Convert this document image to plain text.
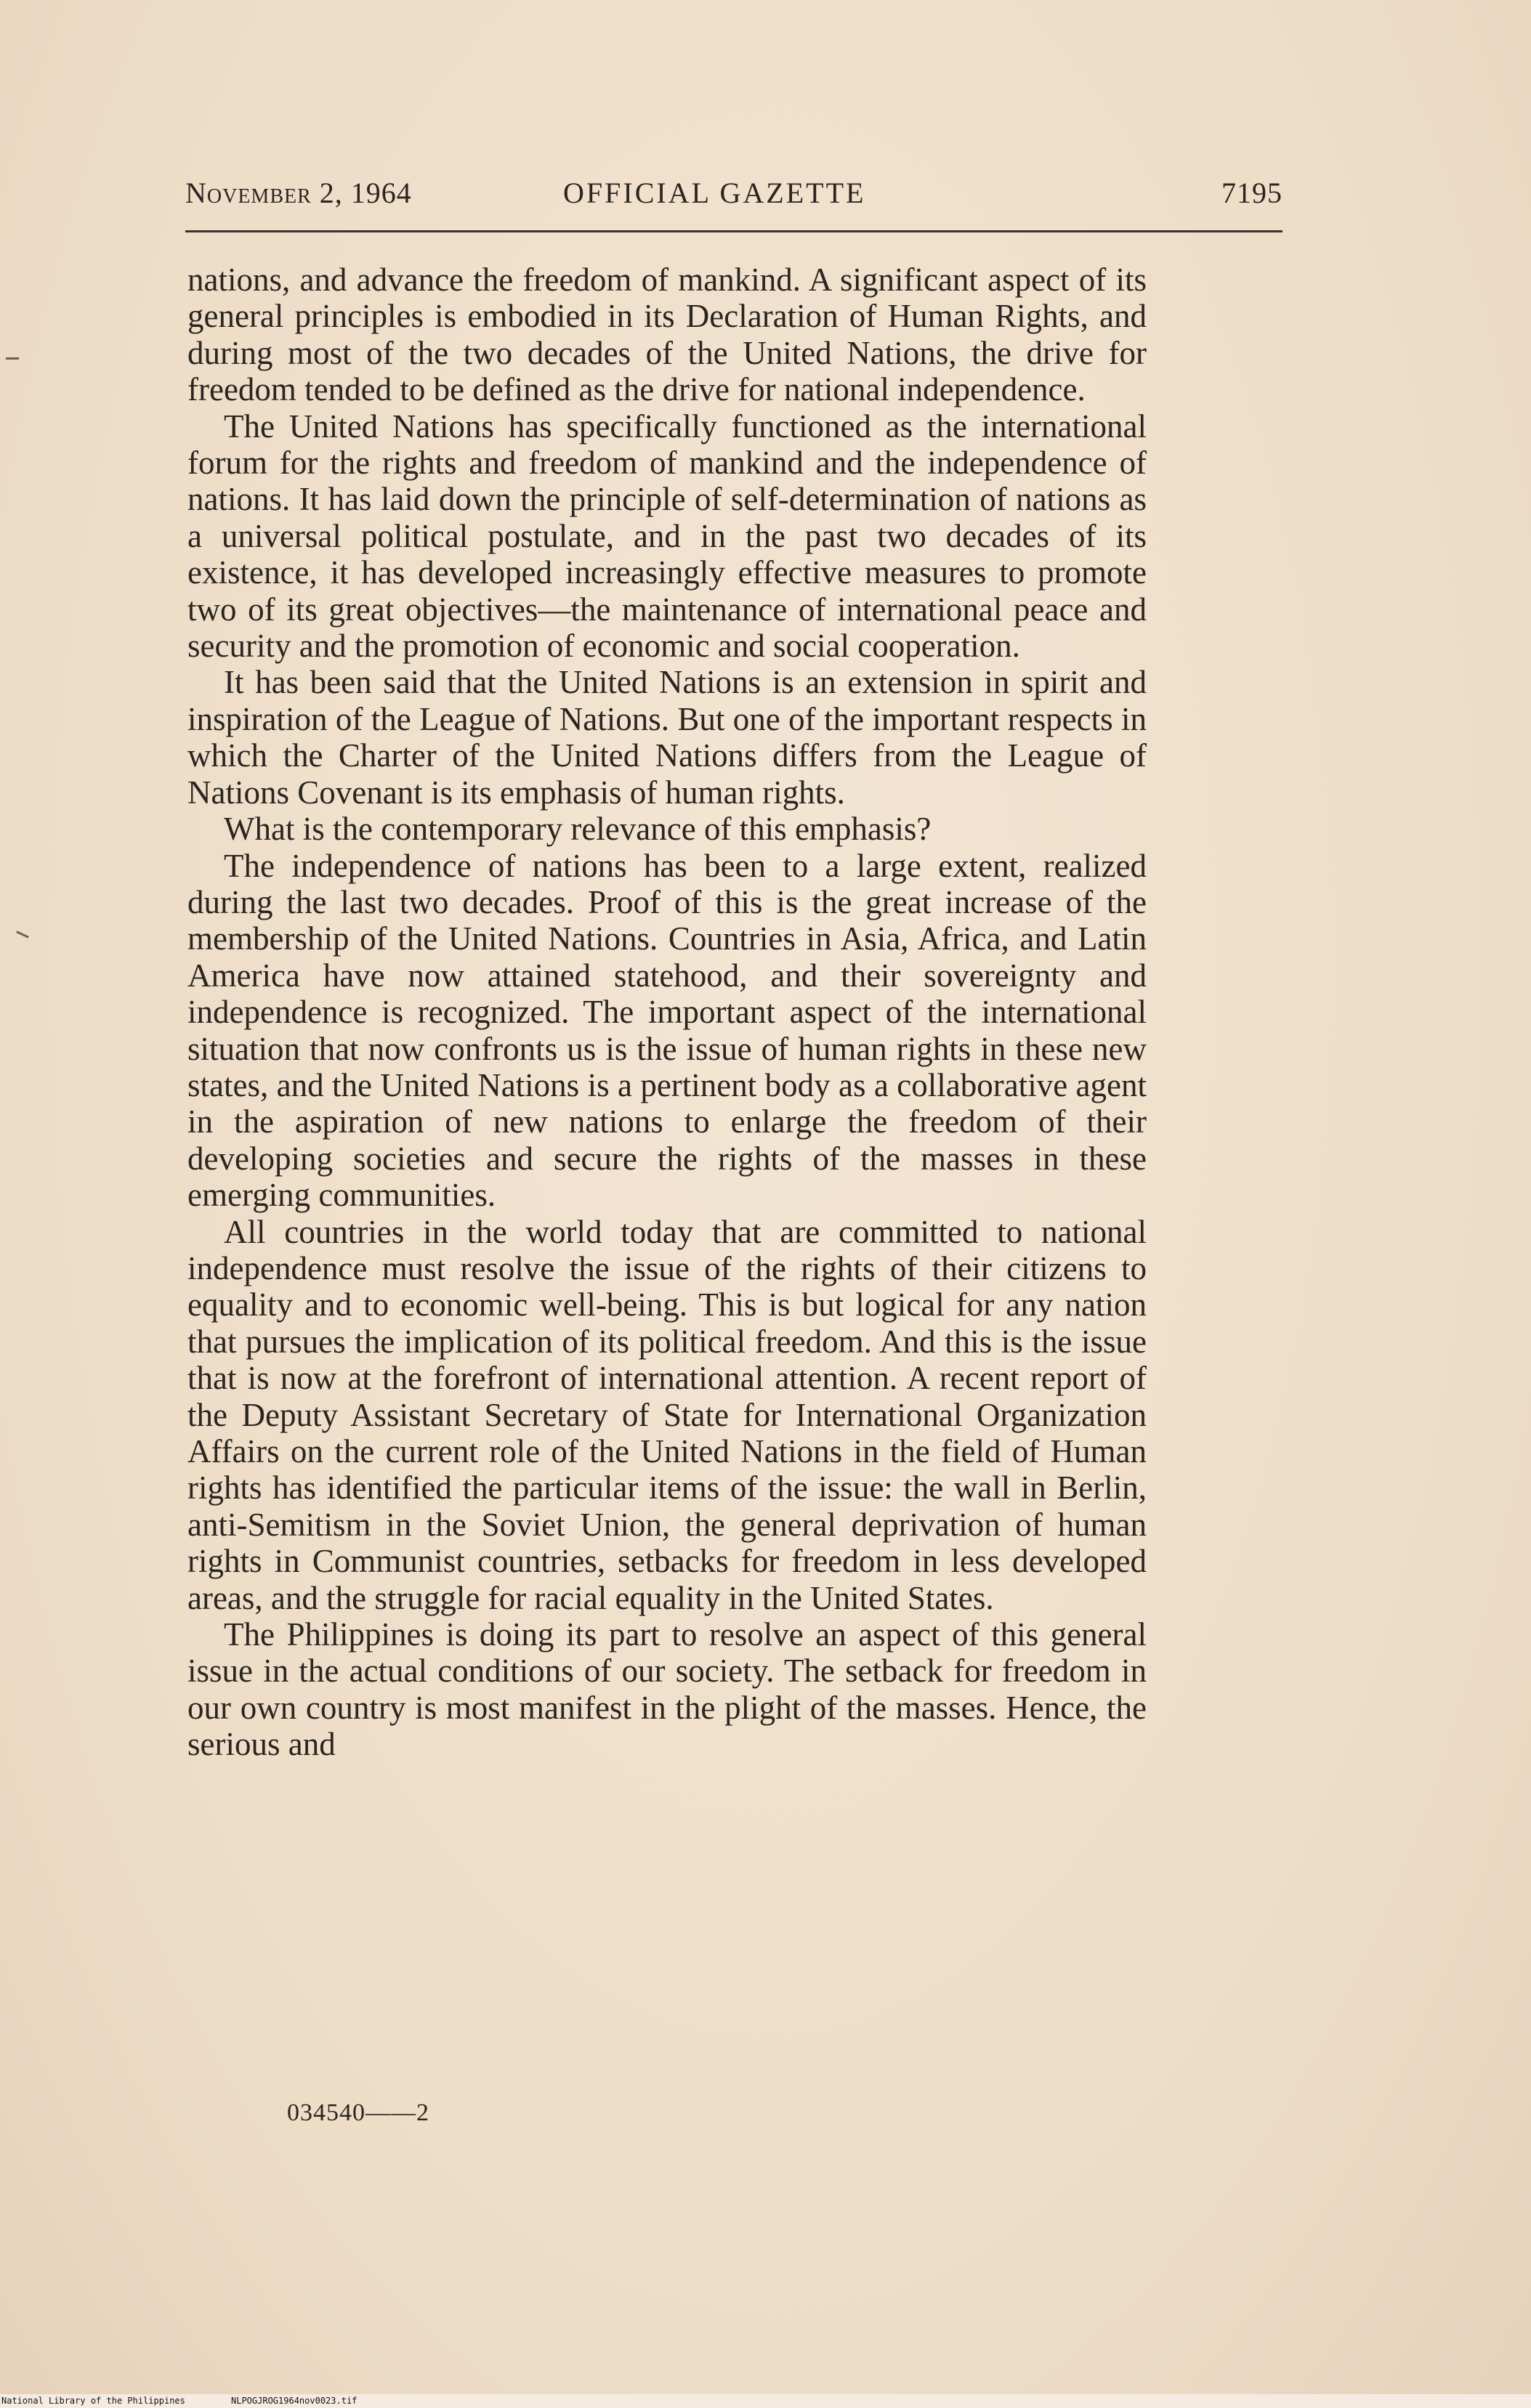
November 2, 1964	OFFICIAL GAZETTE	7195

nations, and advance the freedom of mankind. A significant aspect of its general principles is embodied in its Declaration of Human Rights, and during most of the two decades of the United Nations, the drive for freedom tended to be defined as the drive for national independence.

The United Nations has specifically functioned as the international forum for the rights and freedom of mankind and the independence of nations. It has laid down the principle of self-determination of nations as a universal political postulate, and in the past two decades of its existence, it has developed increasingly effective measures to promote two of its great objectives—the maintenance of international peace and security and the promotion of economic and social cooperation.

It has been said that the United Nations is an extension in spirit and inspiration of the League of Nations. But one of the important respects in which the Charter of the United Nations differs from the League of Nations Covenant is its emphasis of human rights.

What is the contemporary relevance of this emphasis?

The independence of nations has been to a large extent, realized during the last two decades. Proof of this is the great increase of the membership of the United Nations. Countries in Asia, Africa, and Latin America have now attained statehood, and their sovereignty and independence is recognized. The important aspect of the international situation that now confronts us is the issue of human rights in these new states, and the United Nations is a pertinent body as a collaborative agent in the aspiration of new nations to enlarge the freedom of their developing societies and secure the rights of the masses in these emerging communities.

All countries in the world today that are committed to national independence must resolve the issue of the rights of their citizens to equality and to economic well-being. This is but logical for any nation that pursues the implication of its political freedom. And this is the issue that is now at the forefront of international attention. A recent report of the Deputy Assistant Secretary of State for International Organization Affairs on the current role of the United Nations in the field of Human rights has identified the particular items of the issue: the wall in Berlin, anti-Semitism in the Soviet Union, the general deprivation of human rights in Communist countries, setbacks for freedom in less developed areas, and the struggle for racial equality in the United States.

The Philippines is doing its part to resolve an aspect of this general issue in the actual conditions of our society. The setback for freedom in our own country is most manifest in the plight of the masses. Hence, the serious and

034540——2
National Library of the Philippines	NLPOGJROG1964nov0023.tif
